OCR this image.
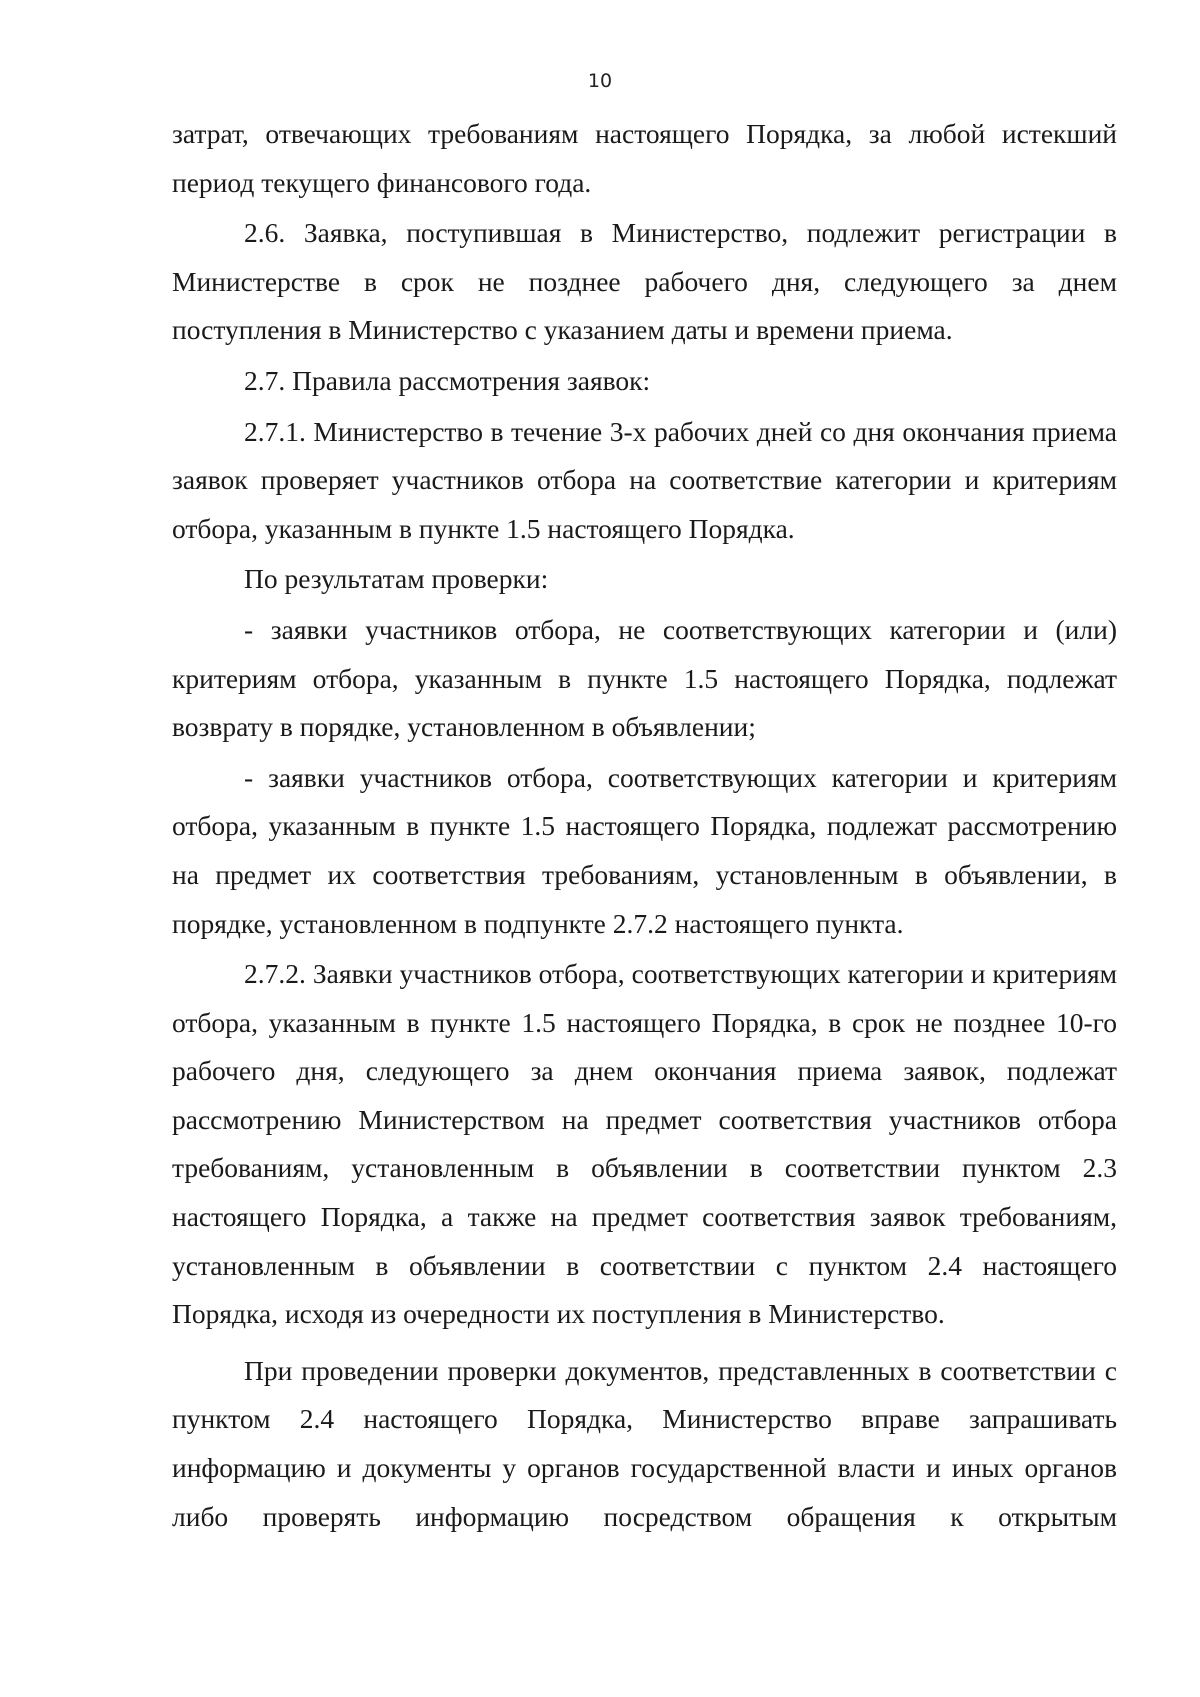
10

затрат, отвечающих требованиям настоящего Порядка, за любой истекший период текущего финансового года.

2.6. Заявка, поступившая в Министерство, подлежит регистрации в Министерстве в срок не позднее рабочего дня, следующего за днем поступления в Министерство с указанием даты и времени приема.

2.7. Правила рассмотрения заявок:

2.7.1. Министерство в течение 3-х рабочих дней со дня окончания приема заявок проверяет участников отбора на соответствие категории и критериям отбора, указанным в пункте 1.5 настоящего Порядка.

По результатам проверки:

- заявки участников отбора, не соответствующих категории и (или) критериям отбора, указанным в пункте 1.5 настоящего Порядка, подлежат возврату в порядке, установленном в объявлении;

- заявки участников отбора, соответствующих категории и критериям отбора, указанным в пункте 1.5 настоящего Порядка, подлежат рассмотрению на предмет их соответствия требованиям, установленным в объявлении, в порядке, установленном в подпункте 2.7.2 настоящего пункта.

2.7.2. Заявки участников отбора, соответствующих категории и критериям отбора, указанным в пункте 1.5 настоящего Порядка, в срок не позднее 10-го рабочего дня, следующего за днем окончания приема заявок, подлежат рассмотрению Министерством на предмет соответствия участников отбора требованиям, установленным в объявлении в соответствии пунктом 2.3 настоящего Порядка, а также на предмет соответствия заявок требованиям, установленным в объявлении в соответствии с пунктом 2.4 настоящего Порядка, исходя из очередности их поступления в Министерство.

При проведении проверки документов, представленных в соответствии с пунктом 2.4 настоящего Порядка, Министерство вправе запрашивать информацию и документы у органов государственной власти и иных органов либо проверять информацию посредством обращения к открытым
